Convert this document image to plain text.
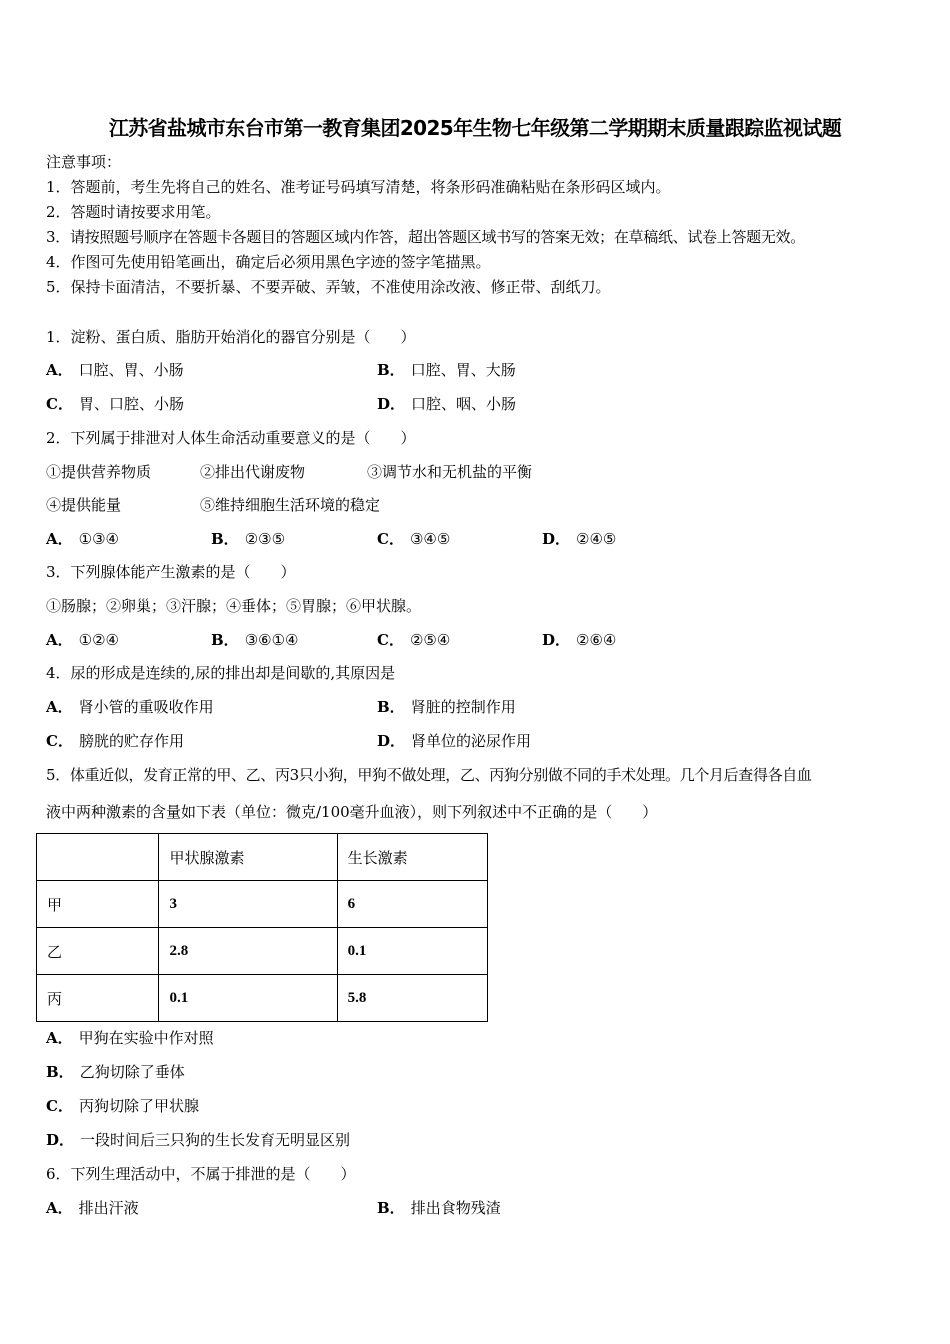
江苏省盐城市东台市第一教育集团2025年生物七年级第二学期期末质量跟踪监视试题
注意事项：
1．答题前，考生先将自己的姓名、准考证号码填写清楚，将条形码准确粘贴在条形码区域内。
2．答题时请按要求用笔。
3．请按照题号顺序在答题卡各题目的答题区域内作答，超出答题区域书写的答案无效；在草稿纸、试卷上答题无效。
4．作图可先使用铅笔画出，确定后必须用黑色字迹的签字笔描黑。
5．保持卡面清洁，不要折暴、不要弄破、弄皱，不准使用涂改液、修正带、刮纸刀。
1．淀粉、蛋白质、脂肪开始消化的器官分别是（　　）
A． 口腔、胃、小肠	B． 口腔、胃、大肠
C． 胃、口腔、小肠	D． 口腔、咽、小肠
2．下列属于排泄对人体生命活动重要意义的是（　　）
①提供营养物质	②排出代谢废物	③调节水和无机盐的平衡
④提供能量	⑤维持细胞生活环境的稳定
A． ①③④	B． ②③⑤	C． ③④⑤	D． ②④⑤
3．下列腺体能产生激素的是（　　）
①肠腺；②卵巢；③汗腺；④垂体；⑤胃腺；⑥甲状腺。
A． ①②④	B． ③⑥①④	C． ②⑤④	D． ②⑥④
4．尿的形成是连续的,尿的排出却是间歇的,其原因是
A． 肾小管的重吸收作用	B． 肾脏的控制作用
C． 膀胱的贮存作用	D． 肾单位的泌尿作用
5．体重近似，发育正常的甲、乙、丙3只小狗，甲狗不做处理，乙、丙狗分别做不同的手术处理。几个月后查得各自血
液中两种激素的含量如下表（单位：微克/100毫升血液），则下列叙述中不正确的是（　　）
	甲状腺激素	生长激素
甲	3	6
乙	2.8	0.1
丙	0.1	5.8
A． 甲狗在实验中作对照
B． 乙狗切除了垂体
C． 丙狗切除了甲状腺
D． 一段时间后三只狗的生长发育无明显区别
6．下列生理活动中，不属于排泄的是（　　）
A． 排出汗液	B． 排出食物残渣
